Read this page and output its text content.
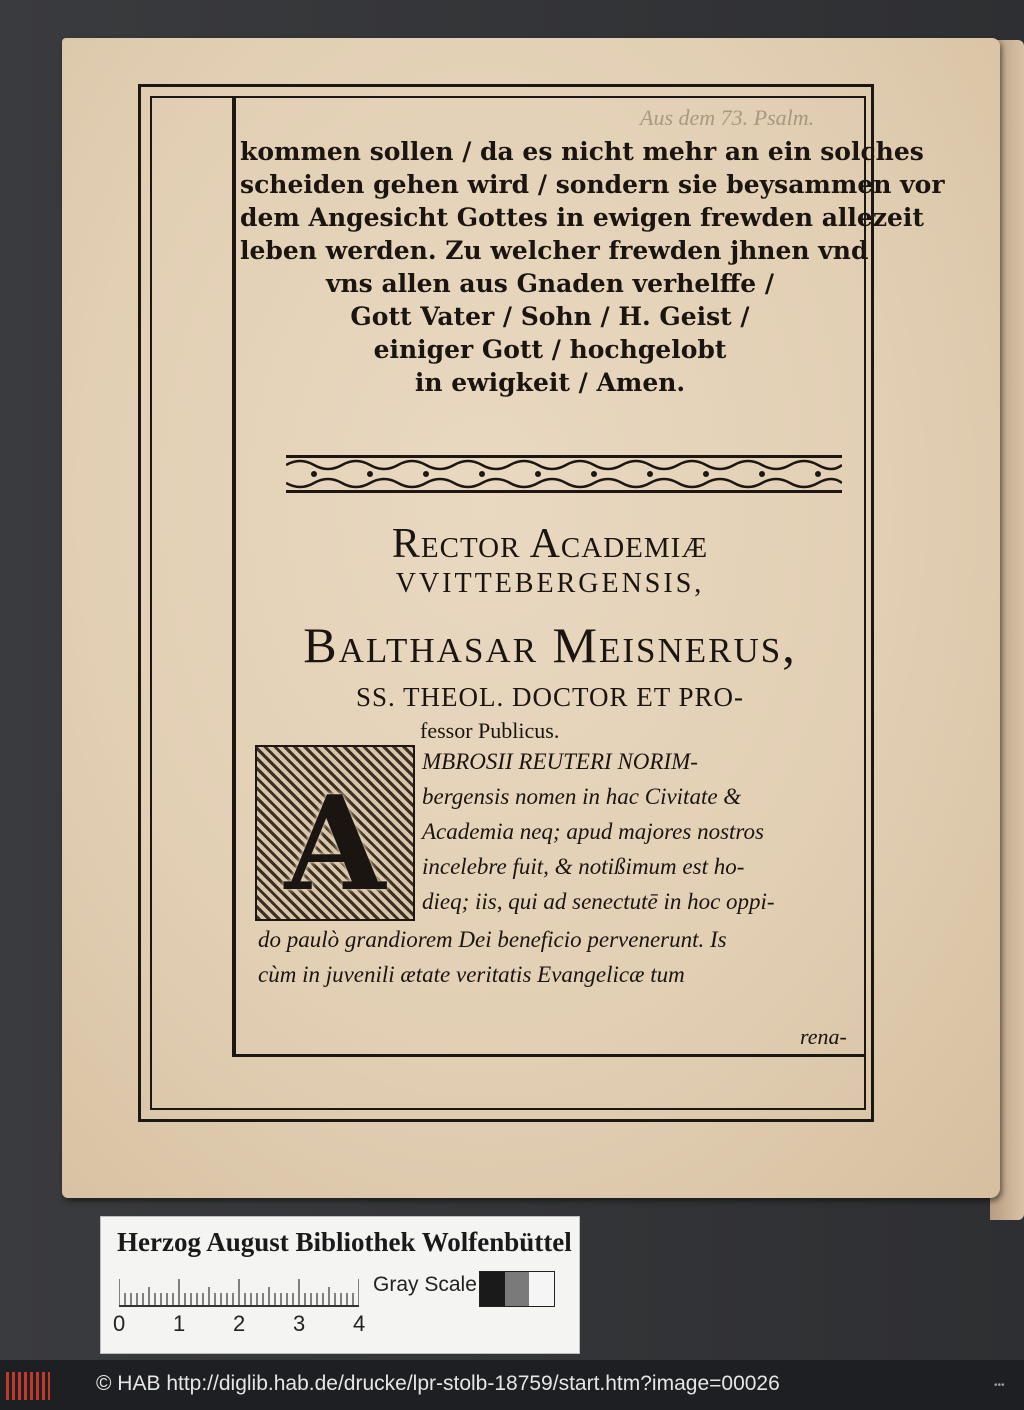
Aus dem 73. Psalm.
kommen sollen / da es nicht mehr an ein solches
scheiden gehen wird / sondern sie beysammen vor
dem Angesicht Gottes in ewigen frewden allezeit
leben werden. Zu welcher frewden jhnen vnd
vns allen aus Gnaden verhelffe /
Gott Vater / Sohn / H. Geist /
einiger Gott / hochgelobt
in ewigkeit / Amen.
Rector Academiæ
VVITTEBERGENSIS,
Balthasar Meisnerus,
SS. THEOL. DOCTOR ET PRO-
fessor Publicus.
A
MBROSII REUTERI NORIM-
bergensis nomen in hac Civitate &
Academia neq; apud majores nostros
incelebre fuit, & notißimum est ho-
dieq; iis, qui ad senectutē in hoc oppi-
do paulò grandiorem Dei beneficio pervenerunt. Is
cùm in juvenili ætate veritatis Evangelicæ tum
rena-
Herzog August Bibliothek Wolfenbüttel
0 1 2 3 4
Gray Scale
© HAB http://diglib.hab.de/drucke/lpr-stolb-18759/start.htm?image=00026	•••
